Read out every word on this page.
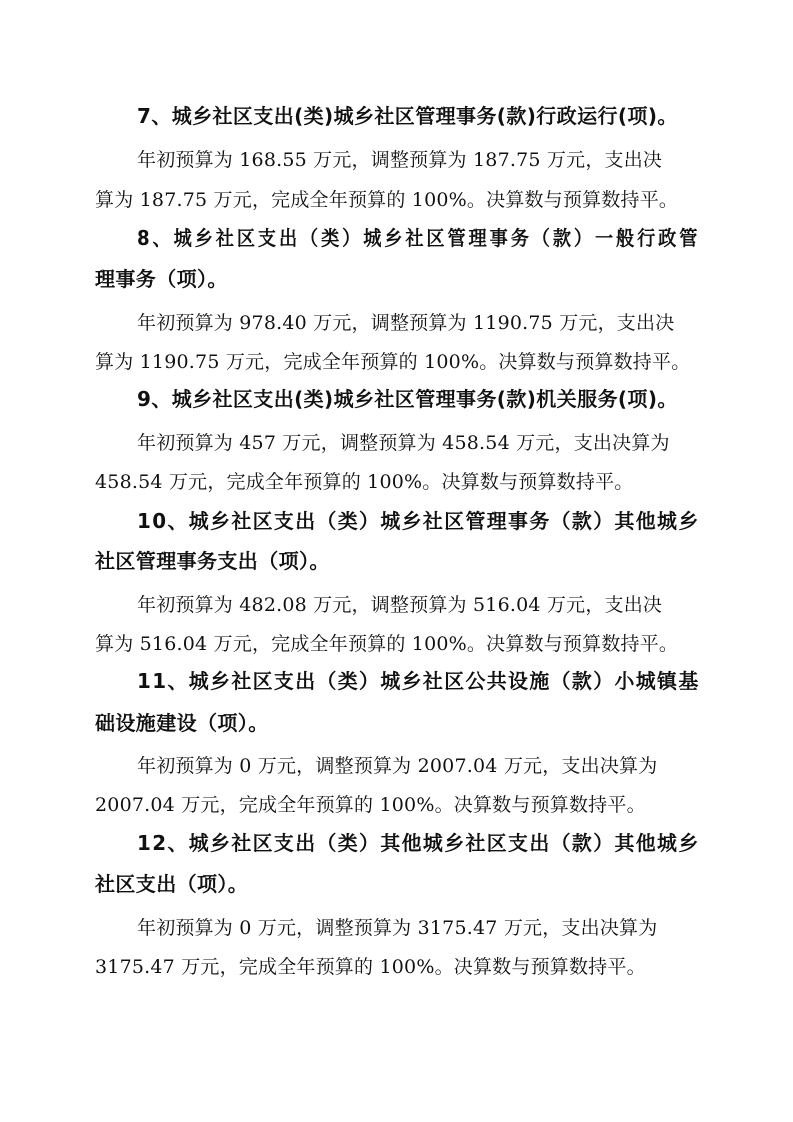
7、城乡社区支出(类)城乡社区管理事务(款)行政运行(项)。
年初预算为 168.55 万元，调整预算为 187.75 万元，支出决
算为 187.75 万元，完成全年预算的 100%。决算数与预算数持平。
8、城乡社区支出（类）城乡社区管理事务（款）一般行政管
理事务（项）。
年初预算为 978.40 万元，调整预算为 1190.75 万元，支出决
算为 1190.75 万元，完成全年预算的 100%。决算数与预算数持平。
9、城乡社区支出(类)城乡社区管理事务(款)机关服务(项)。
年初预算为 457 万元，调整预算为 458.54 万元，支出决算为
458.54 万元，完成全年预算的 100%。决算数与预算数持平。
10、城乡社区支出（类）城乡社区管理事务（款）其他城乡
社区管理事务支出（项）。
年初预算为 482.08 万元，调整预算为 516.04 万元，支出决
算为 516.04 万元，完成全年预算的 100%。决算数与预算数持平。
11、城乡社区支出（类）城乡社区公共设施（款）小城镇基
础设施建设（项）。
年初预算为 0 万元，调整预算为 2007.04 万元，支出决算为
2007.04 万元，完成全年预算的 100%。决算数与预算数持平。
12、城乡社区支出（类）其他城乡社区支出（款）其他城乡
社区支出（项）。
年初预算为 0 万元，调整预算为 3175.47 万元，支出决算为
3175.47 万元，完成全年预算的 100%。决算数与预算数持平。
